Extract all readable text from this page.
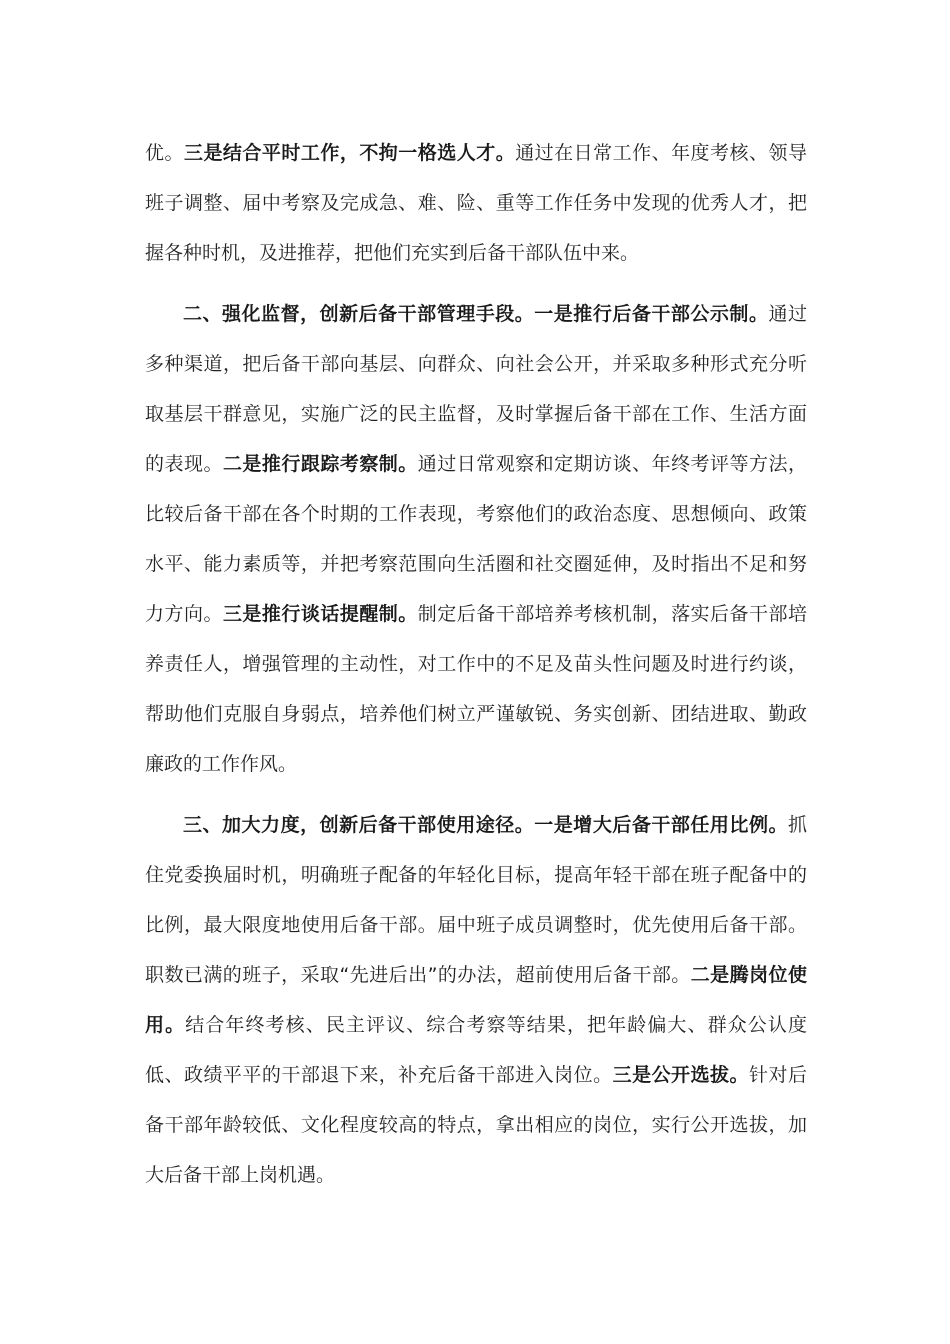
优。三是结合平时工作，不拘一格选人才。通过在日常工作、年度考核、领导班子调整、届中考察及完成急、难、险、重等工作任务中发现的优秀人才，把握各种时机，及进推荐，把他们充实到后备干部队伍中来。

二、强化监督，创新后备干部管理手段。一是推行后备干部公示制。通过多种渠道，把后备干部向基层、向群众、向社会公开，并采取多种形式充分听取基层干群意见，实施广泛的民主监督，及时掌握后备干部在工作、生活方面的表现。二是推行跟踪考察制。通过日常观察和定期访谈、年终考评等方法，比较后备干部在各个时期的工作表现，考察他们的政治态度、思想倾向、政策水平、能力素质等，并把考察范围向生活圈和社交圈延伸，及时指出不足和努力方向。三是推行谈话提醒制。制定后备干部培养考核机制，落实后备干部培养责任人，增强管理的主动性，对工作中的不足及苗头性问题及时进行约谈，帮助他们克服自身弱点，培养他们树立严谨敏锐、务实创新、团结进取、勤政廉政的工作作风。

三、加大力度，创新后备干部使用途径。一是增大后备干部任用比例。抓住党委换届时机，明确班子配备的年轻化目标，提高年轻干部在班子配备中的比例，最大限度地使用后备干部。届中班子成员调整时，优先使用后备干部。职数已满的班子，采取“先进后出”的办法，超前使用后备干部。二是腾岗位使用。结合年终考核、民主评议、综合考察等结果，把年龄偏大、群众公认度低、政绩平平的干部退下来，补充后备干部进入岗位。三是公开选拔。针对后备干部年龄较低、文化程度较高的特点，拿出相应的岗位，实行公开选拔，加大后备干部上岗机遇。
